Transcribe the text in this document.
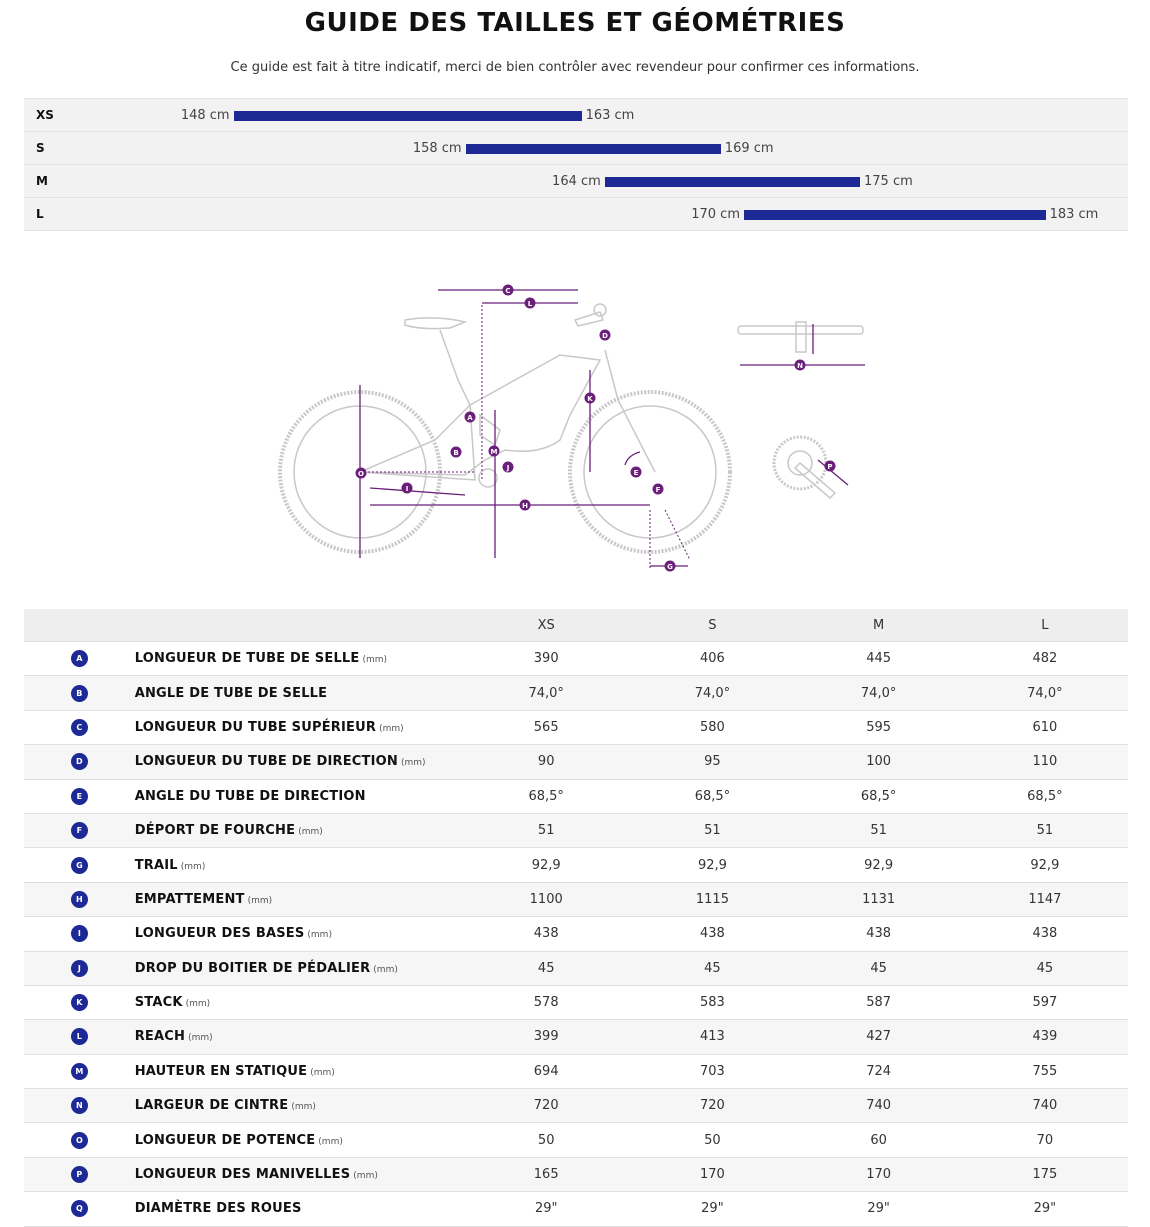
GUIDE DES TAILLES ET GÉOMÉTRIES
Ce guide est fait à titre indicatif, merci de bien contrôler avec revendeur pour confirmer ces informations.
XS	148 cm	163 cm
S	158 cm	169 cm
M	164 cm	175 cm
L	170 cm	183 cm
A
B
C
D
E
F
G
H
I
J
K
L
M
N
O
P
		XS	S	M	L
A	LONGUEUR DE TUBE DE SELLE (mm)	390	406	445	482
B	ANGLE DE TUBE DE SELLE	74,0°	74,0°	74,0°	74,0°
C	LONGUEUR DU TUBE SUPÉRIEUR (mm)	565	580	595	610
D	LONGUEUR DU TUBE DE DIRECTION (mm)	90	95	100	110
E	ANGLE DU TUBE DE DIRECTION	68,5°	68,5°	68,5°	68,5°
F	DÉPORT DE FOURCHE (mm)	51	51	51	51
G	TRAIL (mm)	92,9	92,9	92,9	92,9
H	EMPATTEMENT (mm)	1100	1115	1131	1147
I	LONGUEUR DES BASES (mm)	438	438	438	438
J	DROP DU BOITIER DE PÉDALIER (mm)	45	45	45	45
K	STACK (mm)	578	583	587	597
L	REACH (mm)	399	413	427	439
M	HAUTEUR EN STATIQUE (mm)	694	703	724	755
N	LARGEUR DE CINTRE (mm)	720	720	740	740
O	LONGUEUR DE POTENCE (mm)	50	50	60	70
P	LONGUEUR DES MANIVELLES (mm)	165	170	170	175
Q	DIAMÈTRE DES ROUES	29"	29"	29"	29"
